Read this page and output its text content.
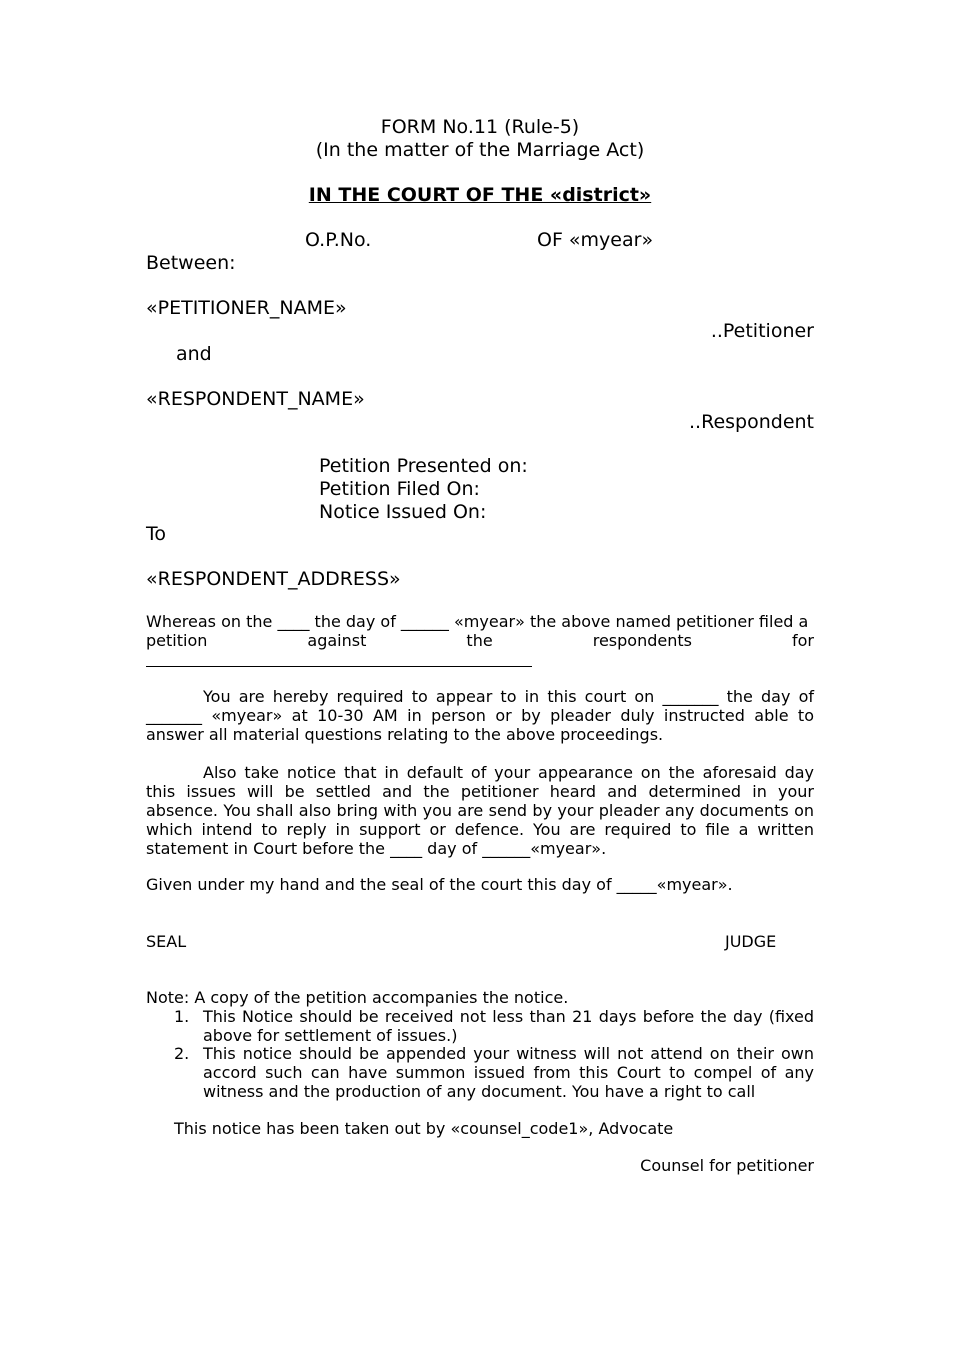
FORM No.11 (Rule-5)
(In the matter of the Marriage Act)
IN THE COURT OF THE «district»
O.P.No.	OF «myear»
Between:
«PETITIONER_NAME»
..Petitioner
and
«RESPONDENT_NAME»
..Respondent
Petition Presented on:
Petition Filed On:
Notice Issued On:
To
«RESPONDENT_ADDRESS»
Whereas on the ____ the day of ______ «myear» the above named petitioner filed a
petition against the respondents for
You are hereby required to appear to in this court on _______ the day of _______ «myear» at 10-30 AM in person or by pleader duly instructed able to answer all material questions relating to the above proceedings.
Also take notice that in default of your appearance on the aforesaid day this issues will be settled and the petitioner heard and determined in your absence. You shall also bring with you are send by your pleader any documents on which intend to reply in support or defence. You are required to file a written statement in Court before the ____ day of ______«myear».
Given under my hand and the seal of the court this day of _____«myear».
SEAL	JUDGE
Note: A copy of the petition accompanies the notice.
1. This Notice should be received not less than 21 days before the day (fixed above for settlement of issues.)
2. This notice should be appended your witness will not attend on their own accord such can have summon issued from this Court to compel of any witness and the production of any document. You have a right to call
This notice has been taken out by «counsel_code1», Advocate
Counsel for petitioner
